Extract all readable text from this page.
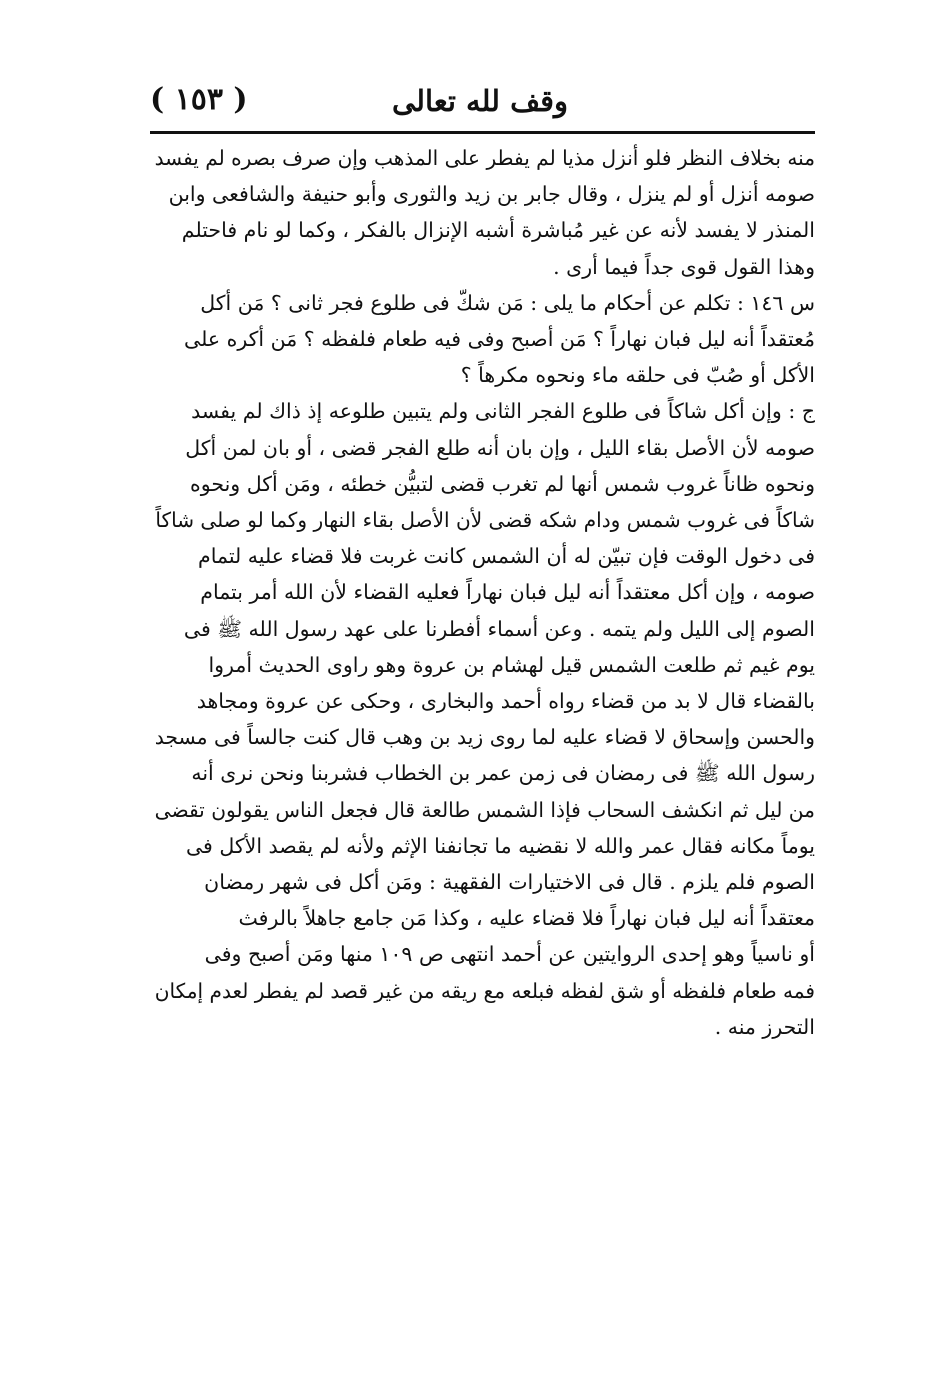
وقف لله تعالى
( ١٥٣ )
منه بخلاف النظر فلو أنزل مذيا لم يفطر على المذهب وإن صرف بصره لم يفسد
صومه أنزل أو لم ينزل ، وقال جابر بن زيد والثورى وأبو حنيفة والشافعى وابن
المنذر لا يفسد لأنه عن غير مُباشرة أشبه الإنزال بالفكر ، وكما لو نام فاحتلم
وهذا القول قوى جداً فيما أرى .
س ١٤٦ : تكلم عن أحكام ما يلى : مَن شكّ فى طلوع فجر ثانى ؟ مَن أكل
مُعتقداً أنه ليل فبان نهاراً ؟ مَن أصبح وفى فيه طعام فلفظه ؟ مَن أكره على
الأكل أو صُبّ فى حلقه ماء ونحوه مكرهاً ؟
ج : وإن أكل شاكاً فى طلوع الفجر الثانى ولم يتبين طلوعه إذ ذاك لم يفسد
صومه لأن الأصل بقاء الليل ، وإن بان أنه طلع الفجر قضى ، أو بان لمن أكل
ونحوه ظاناً غروب شمس أنها لم تغرب قضى لتبيُّن خطئه ، ومَن أكل ونحوه
شاكاً فى غروب شمس ودام شكه قضى لأن الأصل بقاء النهار وكما لو صلى شاكاً
فى دخول الوقت فإن تبيّن له أن الشمس كانت غربت فلا قضاء عليه لتمام
صومه ، وإن أكل معتقداً أنه ليل فبان نهاراً فعليه القضاء لأن الله أمر بتمام
الصوم إلى الليل ولم يتمه . وعن أسماء أفطرنا على عهد رسول الله ﷺ فى
يوم غيم ثم طلعت الشمس قيل لهشام بن عروة وهو راوى الحديث أمروا
بالقضاء قال لا بد من قضاء رواه أحمد والبخارى ، وحكى عن عروة ومجاهد
والحسن وإسحاق لا قضاء عليه لما روى زيد بن وهب قال كنت جالساً فى مسجد
رسول الله ﷺ فى رمضان فى زمن عمر بن الخطاب فشربنا ونحن نرى أنه
من ليل ثم انكشف السحاب فإذا الشمس طالعة قال فجعل الناس يقولون تقضى
يوماً مكانه فقال عمر والله لا نقضيه ما تجانفنا الإثم ولأنه لم يقصد الأكل فى
الصوم فلم يلزم . قال فى الاختيارات الفقهية : ومَن أكل فى شهر رمضان
معتقداً أنه ليل فبان نهاراً فلا قضاء عليه ، وكذا مَن جامع جاهلاً بالرفث
أو ناسياً وهو إحدى الروايتين عن أحمد انتهى ص ١٠٩ منها ومَن أصبح وفى
فمه طعام فلفظه أو شق لفظه فبلعه مع ريقه من غير قصد لم يفطر لعدم إمكان
التحرز منه .
